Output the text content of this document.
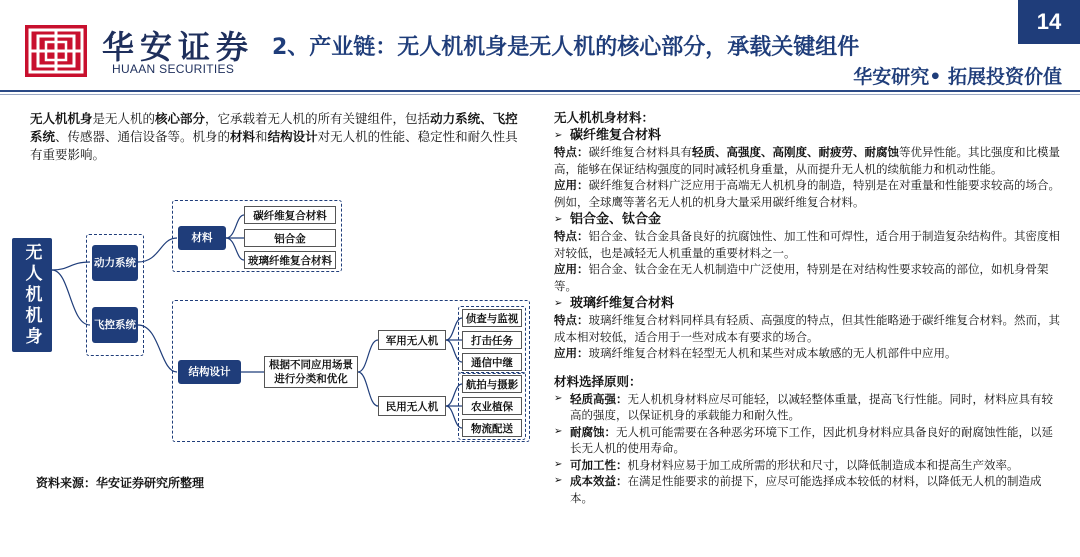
华安证券
HUAAN SECURITIES
2、产业链：无人机机身是无人机的核心部分，承载关键组件
14
华安研究• 拓展投资价值
无人机机身是无人机的核心部分，它承载着无人机的所有关键组件，包括动力系统、飞控系统、传感器、通信设备等。机身的材料和结构设计对无人机的性能、稳定性和耐久性具有重要影响。
无人机机身	动力系统
飞控系统
材料
碳纤维复合材料
铝合金
玻璃纤维复合材料
结构设计
根据不同应用场景进行分类和优化
军用无人机
民用无人机
侦查与监视
打击任务
通信中继
航拍与摄影
农业植保
物流配送
资料来源：华安证券研究所整理
无人机机身材料：
➢ 碳纤维复合材料
特点：碳纤维复合材料具有轻质、高强度、高刚度、耐疲劳、耐腐蚀等优异性能。其比强度和比模量高，能够在保证结构强度的同时减轻机身重量，从而提升无人机的续航能力和机动性能。
应用：碳纤维复合材料广泛应用于高端无人机机身的制造，特别是在对重量和性能要求较高的场合。例如，全球鹰等著名无人机的机身大量采用碳纤维复合材料。
➢ 铝合金、钛合金
特点：铝合金、钛合金具备良好的抗腐蚀性、加工性和可焊性，适合用于制造复杂结构件。其密度相对较低，也是减轻无人机重量的重要材料之一。
应用：铝合金、钛合金在无人机制造中广泛使用，特别是在对结构性要求较高的部位，如机身骨架等。
➢ 玻璃纤维复合材料
特点：玻璃纤维复合材料同样具有轻质、高强度的特点，但其性能略逊于碳纤维复合材料。然而，其成本相对较低，适合用于一些对成本有要求的场合。
应用：玻璃纤维复合材料在轻型无人机和某些对成本敏感的无人机部件中应用。
材料选择原则：
➢ 轻质高强：无人机机身材料应尽可能轻，以减轻整体重量，提高飞行性能。同时，材料应具有较高的强度，以保证机身的承载能力和耐久性。
➢ 耐腐蚀：无人机可能需要在各种恶劣环境下工作，因此机身材料应具备良好的耐腐蚀性能，以延长无人机的使用寿命。
➢ 可加工性：机身材料应易于加工成所需的形状和尺寸，以降低制造成本和提高生产效率。
➢ 成本效益：在满足性能要求的前提下，应尽可能选择成本较低的材料，以降低无人机的制造成本。
